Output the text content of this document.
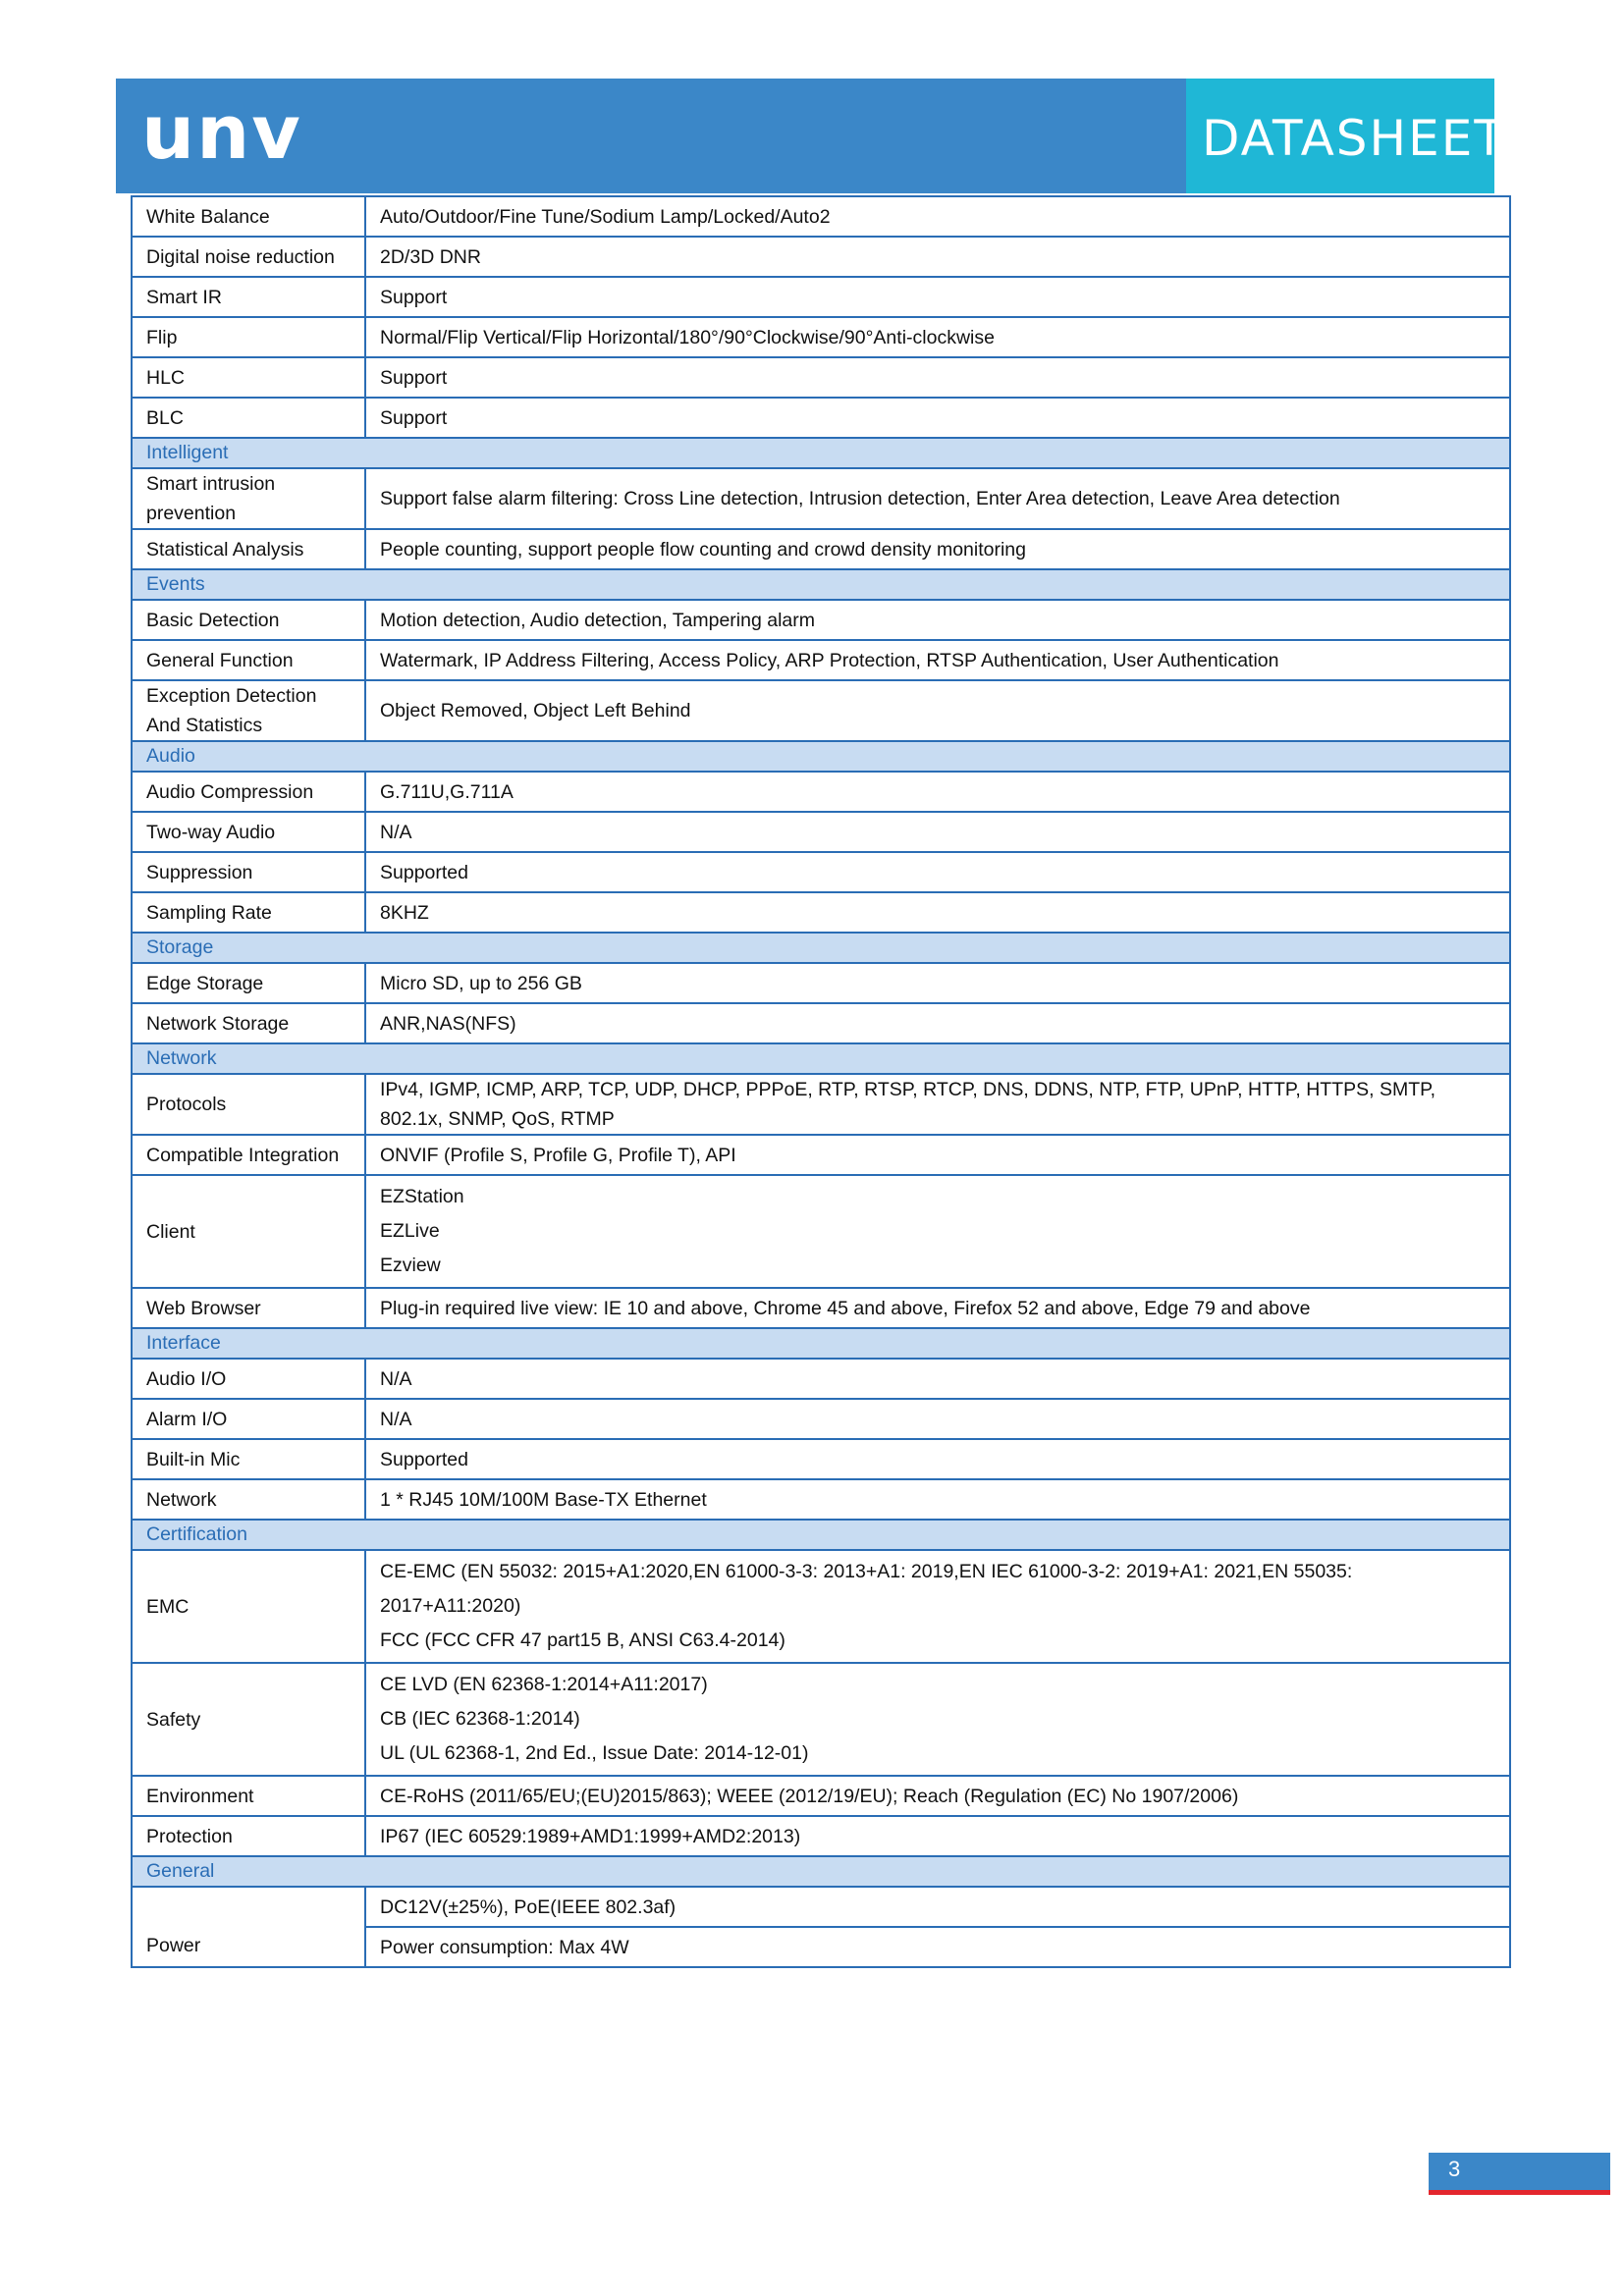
unv	DATASHEET
White Balance	Auto/Outdoor/Fine Tune/Sodium Lamp/Locked/Auto2
Digital noise reduction	2D/3D DNR
Smart IR	Support
Flip	Normal/Flip Vertical/Flip Horizontal/180°/90°Clockwise/90°Anti-clockwise
HLC	Support
BLC	Support
Intelligent	
Smart intrusion prevention	Support false alarm filtering: Cross Line detection, Intrusion detection, Enter Area detection, Leave Area detection
Statistical Analysis	People counting, support people flow counting and crowd density monitoring
Events	
Basic Detection	Motion detection, Audio detection, Tampering alarm
General Function	Watermark, IP Address Filtering, Access Policy, ARP Protection, RTSP Authentication, User Authentication
Exception Detection And Statistics	Object Removed, Object Left Behind
Audio	
Audio Compression	G.711U,G.711A
Two-way Audio	N/A
Suppression	Supported
Sampling Rate	8KHZ
Storage	
Edge Storage	Micro SD, up to 256 GB
Network Storage	ANR,NAS(NFS)
Network	
Protocols	IPv4, IGMP, ICMP, ARP, TCP, UDP, DHCP, PPPoE, RTP, RTSP, RTCP, DNS, DDNS, NTP, FTP, UPnP, HTTP, HTTPS, SMTP, 802.1x, SNMP, QoS, RTMP
Compatible Integration	ONVIF (Profile S, Profile G, Profile T), API
Client	EZStation
EZLive
Ezview

Web Browser	Plug-in required live view: IE 10 and above, Chrome 45 and above, Firefox 52 and above, Edge 79 and above
Interface	
Audio I/O	N/A
Alarm I/O	N/A
Built-in Mic	Supported
Network	1 * RJ45 10M/100M Base-TX Ethernet
Certification	
EMC	CE-EMC (EN 55032: 2015+A1:2020,EN 61000-3-3: 2013+A1: 2019,EN IEC 61000-3-2: 2019+A1: 2021,EN 55035: 2017+A11:2020)
FCC (FCC CFR 47 part15 B, ANSI C63.4-2014)

Safety	CE LVD (EN 62368-1:2014+A11:2017)
CB (IEC 62368-1:2014)
UL (UL 62368-1, 2nd Ed., Issue Date: 2014-12-01)

Environment	CE-RoHS (2011/65/EU;(EU)2015/863); WEEE (2012/19/EU); Reach (Regulation (EC) No 1907/2006)
Protection	IP67 (IEC 60529:1989+AMD1:1999+AMD2:2013)
General	
Power	DC12V(±25%), PoE(IEEE 802.3af)
	Power consumption: Max 4W
3
